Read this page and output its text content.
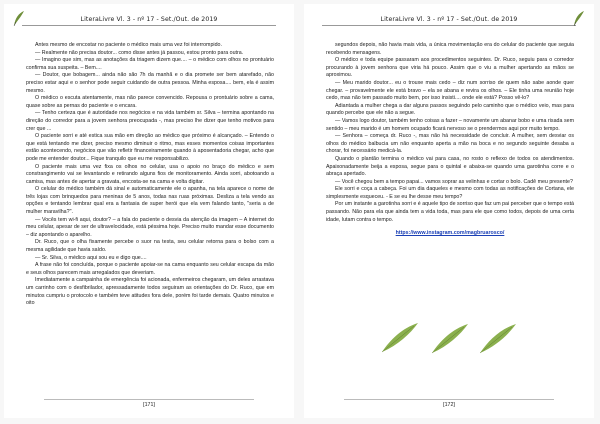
LiteraLivre Vl. 3 - nº 17 - Set./Out. de 2019

Antes mesmo de encostar no paciente o médico mais uma vez foi interrompido.

— Realmente não precisa doutor... como disse antes já passou, estou pronto para outra.

— Imagino que sim, mas as anotações da triagem dizem que.... – o médico com olhos no prontuário confirma sua suspeita. – Bem....

— Doutor, que bobagem... ainda não são 7h da manhã e o dia promete ser bem atarefado, não preciso estar aqui e o senhor pode seguir cuidando de outra pessoa. Minha esposa.... bem, ela é assim mesmo.

O médico o escuta atentamente, mas não parece convencido. Repousa o prontuário sobre a cama, quase sobre as pernas do paciente e o encara.

— Tenho certeza que é autoridade nos negócios e na vida também sr. Silva – termina apontando na direção do corredor para a jovem senhora preocupada -, mas preciso lhe dizer que tenho motivos para crer que ...

O paciente sorri e até estica sua mão em direção ao médico que próximo é alcançado. – Entendo o que está tentando me dizer, preciso mesmo diminuir o ritmo, mas esses momentos coisas importantes estão acontecendo, negócios que vão refletir financeiramente quando à aposentadoria chegar, acho que pode me entender doutor... Fique tranquilo que eu me responsabilizo.

O paciente mais uma vez fixa os olhos no celular, usa o apoio no braço do médico e sem constrangimento vai se levantando e retirando alguns fios de monitoramento. Ainda sorri, abotoando a camisa, mas antes de apertar a gravata, encosta-se na cama e volta digitar.

O celular do médico também dá sinal e automaticamente ele o apanha, na tela aparece o nome de três lojas com brinquedos para meninas de 5 anos, todas nas ruas próximas. Desliza a tela vendo as opções e tentando lembrar qual era a fantasia de super herói que ela vem falando tanto, "seria a de mulher maravilha?".

— Vocês tem wi-fi aqui, doutor? – a fala do paciente o desvia da atenção da imagem – A internet do meu celular, apesar de ser de ultravelocidade, está péssima hoje. Preciso muito mandar esse documento – diz apontando o aparelho.

Dr. Ruco, que o olha fixamente percebe o suor na testa, seu celular retorna para o bolso com a mesma agilidade que havia saído.

— Sr. Silva, o médico aqui sou eu e digo que....

A frase não foi concluída, porque o paciente apoiar-se na cama enquanto seu celular escapa da mão e seus olhos parecem mais arregalados que deveriam.

Imediatamente a campainha de emergência foi acionada, enfermeiros chegaram, um deles arrastava um carrinho com o desfibrilador, apressadamente todos seguiram as orientações do Dr. Ruco, que em minutos cumpriu o protocolo e também teve atitudes fora dele, porém foi tarde demais. Quatro minutos e oito

[171]
LiteraLivre Vl. 3 - nº 17 - Set./Out. de 2019

segundos depois, não havia mais vida, a única movimentação era do celular do paciente que seguia recebendo mensagens.

O médico e toda equipe passaram aos procedimentos seguintes. Dr. Ruco, seguiu para o corredor procurando à jovem senhora que viria há pouco. Assim que o viu a mulher apertando as mãos se aproximou.

— Meu marido doutor... eu o trouxe mais cedo – diz num sorriso de quem não sabe aonde quer chegar. – provavelmente ele está bravo – ela se abana e revira os olhos. – Ele tinha uma reunião hoje cedo, mas não tem passado muito bem, por isso insisti.... onde ele está? Posso vê-lo?

Adiantada a mulher chega a dar alguns passos seguindo pelo caminho que o médico veio, mas para quando percebe que ele não a segue.

— Vamos logo doutor, também tenho coisas a fazer – novamente um abanar bobo e uma risada sem sentido – meu marido é um homem ocupado ficará nervoso se o prendermos aqui por muito tempo.

— Senhora – começa dr. Ruco -, mas não há necessidade de concluir. A mulher, sem desviar os olhos do médico balbucia um não enquanto aperta a mão na boca e no segundo seguinte desaba a chorar, foi necessário medicá-la.

Quando o plantão termina o médico vai para casa, no rosto o reflexo de todos os atendimentos. Apaixonadamente beija a esposa, segue para o quintal e abaixa-se quando uma garotinha corre e o abraça apertado.

— Você chegou bem a tempo papai... vamos soprar as velinhas e cortar o bolo. Cadê meu presente?

Ele sorri e coça a cabeça. Foi um dia daqueles e mesmo com todas as notificações de Cortana, ele simplesmente esqueceu. - E se eu lhe desse meu tempo?

Por um instante a garotinha sorri e é aquele tipo de sorriso que faz um pai perceber que o tempo está passando. Não para ela que ainda tem a vida toda, mas para ele que como todos, depois de uma certa idade, lutam contra o tempo.

https://www.instagram.com/magbruarosco/

[172]
